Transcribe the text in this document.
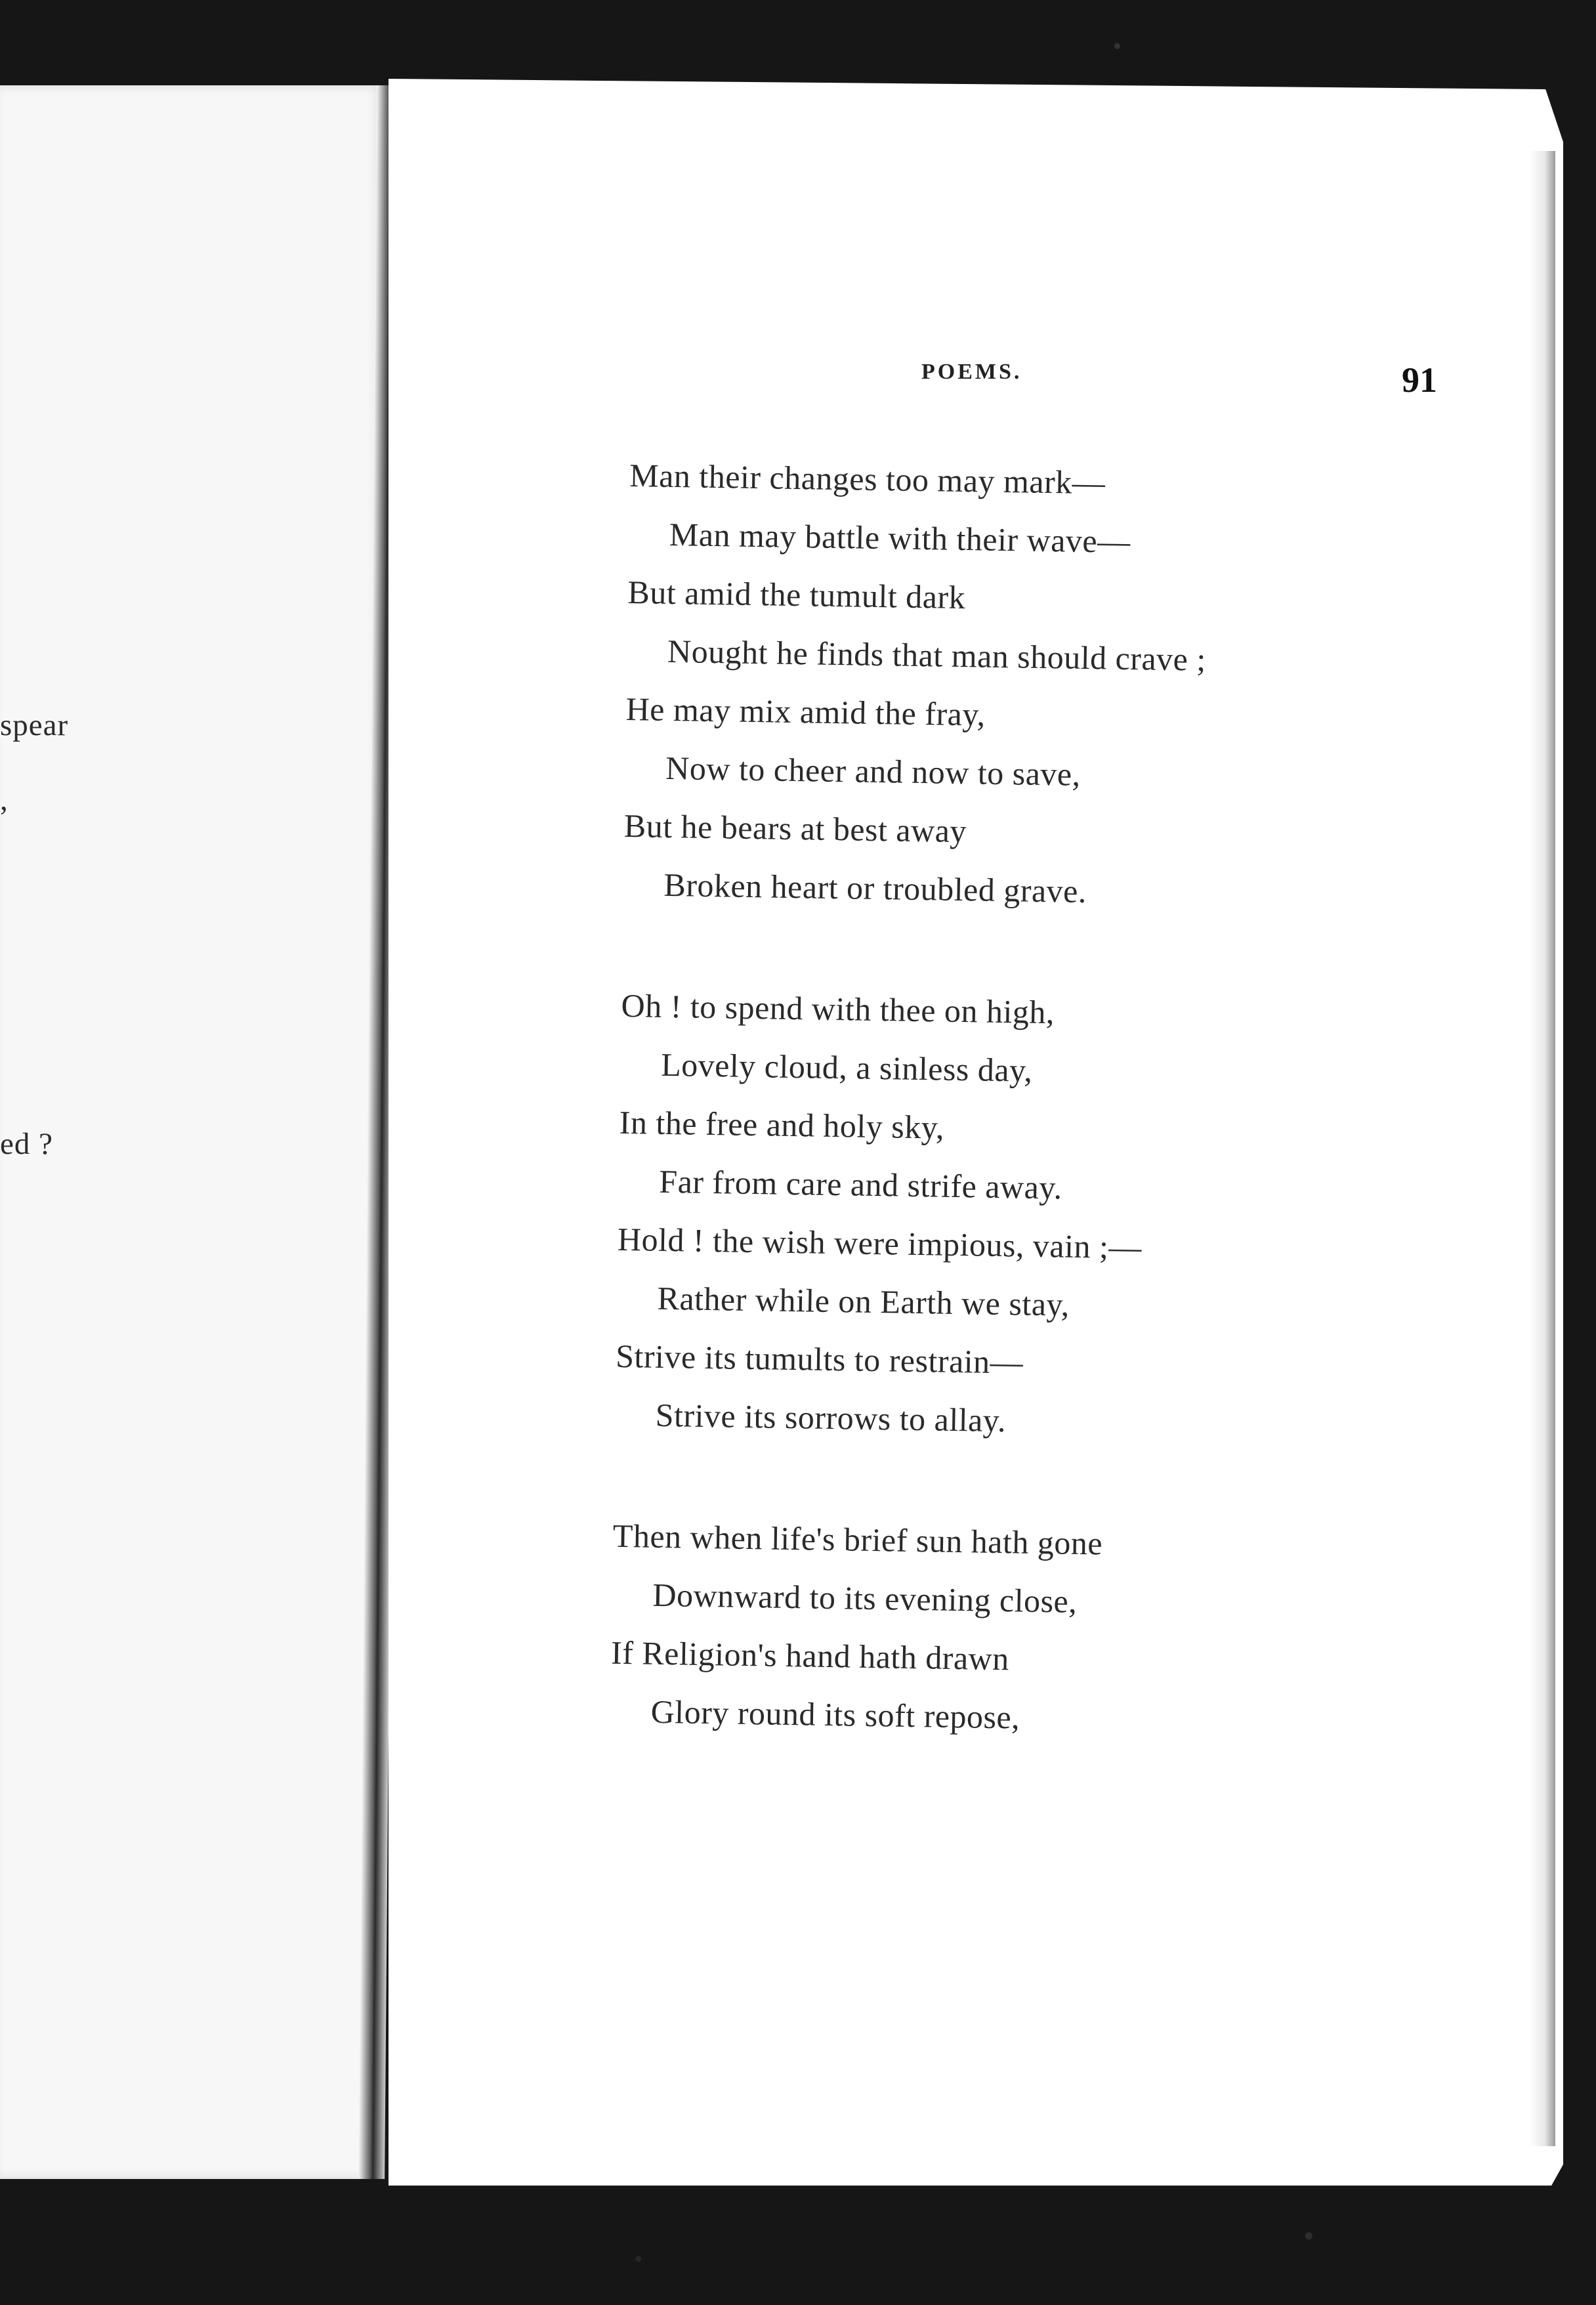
spear
,
ed ?
POEMS.	91
Man their changes too may mark—
Man may battle with their wave—
But amid the tumult dark
Nought he finds that man should crave ;
He may mix amid the fray,
Now to cheer and now to save,
But he bears at best away
Broken heart or troubled grave.
Oh ! to spend with thee on high,
Lovely cloud, a sinless day,
In the free and holy sky,
Far from care and strife away.
Hold ! the wish were impious, vain ;—
Rather while on Earth we stay,
Strive its tumults to restrain—
Strive its sorrows to allay.
Then when life's brief sun hath gone
Downward to its evening close,
If Religion's hand hath drawn
Glory round its soft repose,
